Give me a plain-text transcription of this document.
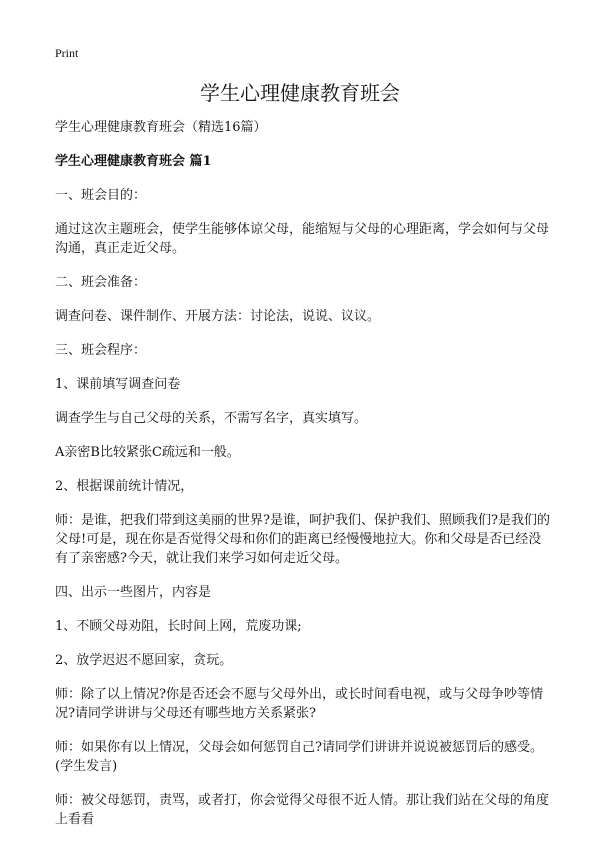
Print
学生心理健康教育班会

学生心理健康教育班会（精选16篇）

学生心理健康教育班会 篇1

一、班会目的：

通过这次主题班会，使学生能够体谅父母，能缩短与父母的心理距离，学会如何与父母沟通，真正走近父母。

二、班会准备：

调查问卷、课件制作、开展方法：讨论法，说说、议议。

三、班会程序：

1、课前填写调查问卷

调查学生与自己父母的关系，不需写名字，真实填写。

A亲密B比较紧张C疏远和一般。

2、根据课前统计情况，

师：是谁，把我们带到这美丽的世界?是谁，呵护我们、保护我们、照顾我们?是我们的父母!可是，现在你是否觉得父母和你们的距离已经慢慢地拉大。你和父母是否已经没有了亲密感?今天，就让我们来学习如何走近父母。

四、出示一些图片，内容是

1、不顾父母劝阻，长时间上网，荒废功课;

2、放学迟迟不愿回家，贪玩。

师：除了以上情况?你是否还会不愿与父母外出，或长时间看电视，或与父母争吵等情况?请同学讲讲与父母还有哪些地方关系紧张?

师：如果你有以上情况，父母会如何惩罚自己?请同学们讲讲并说说被惩罚后的感受。(学生发言)

师：被父母惩罚，责骂，或者打，你会觉得父母很不近人情。那让我们站在父母的角度上看看
